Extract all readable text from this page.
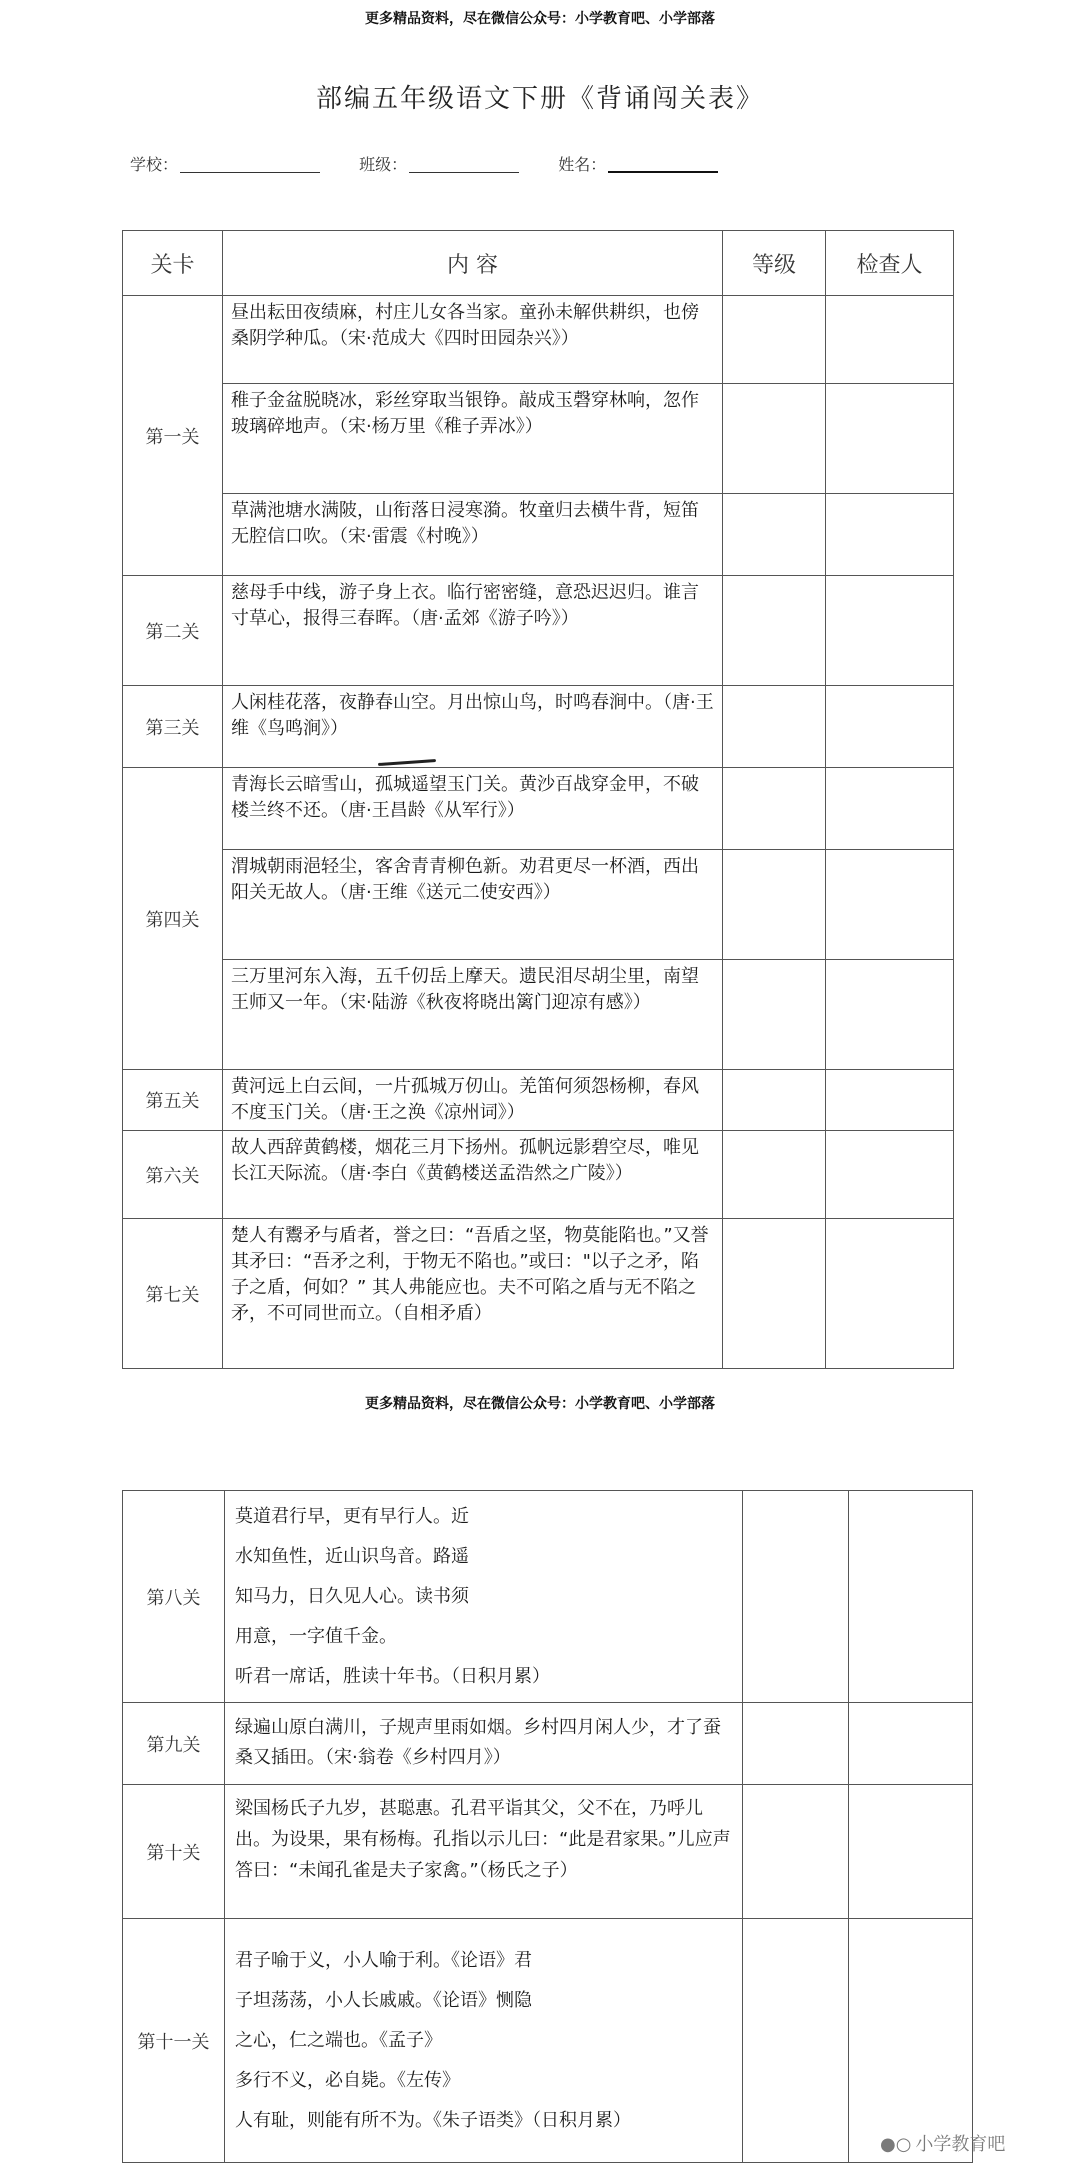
更多精品资料，尽在微信公众号：小学教育吧、小学部落
部编五年级语文下册《背诵闯关表》
学校：	班级：	姓名：
关卡	内 容	等级	检查人
第一关	昼出耘田夜绩麻，村庄儿女各当家。童孙未解供耕织，也傍桑阴学种瓜。（宋·范成大《四时田园杂兴》）		
	稚子金盆脱晓冰，彩丝穿取当银铮。敲成玉磬穿林响，忽作玻璃碎地声。（宋·杨万里《稚子弄冰》）		
	草满池塘水满陂，山衔落日浸寒漪。牧童归去横牛背，短笛无腔信口吹。（宋·雷震《村晚》）		
第二关	慈母手中线，游子身上衣。临行密密缝，意恐迟迟归。谁言寸草心，报得三春晖。（唐·孟郊《游子吟》）		
第三关	人闲桂花落，夜静春山空。月出惊山鸟，时鸣春涧中。（唐·王维《鸟鸣涧》）		
第四关	青海长云暗雪山，孤城遥望玉门关。黄沙百战穿金甲，不破楼兰终不还。（唐·王昌龄《从军行》）		
	渭城朝雨浥轻尘，客舍青青柳色新。劝君更尽一杯酒，西出阳关无故人。（唐·王维《送元二使安西》）		
	三万里河东入海，五千仞岳上摩天。遗民泪尽胡尘里，南望王师又一年。（宋·陆游《秋夜将晓出篱门迎凉有感》）		
第五关	黄河远上白云间，一片孤城万仞山。羌笛何须怨杨柳，春风不度玉门关。（唐·王之涣《凉州词》）		
第六关	故人西辞黄鹤楼，烟花三月下扬州。孤帆远影碧空尽，唯见长江天际流。（唐·李白《黄鹤楼送孟浩然之广陵》）		
第七关	楚人有鬻矛与盾者，誉之曰：“吾盾之坚，物莫能陷也。”又誉其矛曰：“吾矛之利，于物无不陷也。”或曰："以子之矛，陷子之盾，何如？” 其人弗能应也。夫不可陷之盾与无不陷之矛，不可同世而立。（自相矛盾）		
更多精品资料，尽在微信公众号：小学教育吧、小学部落
第八关	莫道君行早，更有早行人。近
水知鱼性，近山识鸟音。路遥
知马力，日久见人心。读书须
用意，一字值千金。
听君一席话，胜读十年书。（日积月累）		

第九关	绿遍山原白满川，子规声里雨如烟。乡村四月闲人少，才了蚕桑又插田。（宋·翁卷《乡村四月》）		
第十关	梁国杨氏子九岁，甚聪惠。孔君平诣其父，父不在，乃呼儿出。为设果，果有杨梅。孔指以示儿曰：“此是君家果。”儿应声答曰：“未闻孔雀是夫子家禽。”（杨氏之子）		
第十一关	君子喻于义，小人喻于利。《论语》君
子坦荡荡，小人长戚戚。《论语》恻隐
之心，仁之端也。《孟子》
多行不义，必自毙。《左传》
人有耻，则能有所不为。《朱子语类》（日积月累）		

●○ 小学教育吧
